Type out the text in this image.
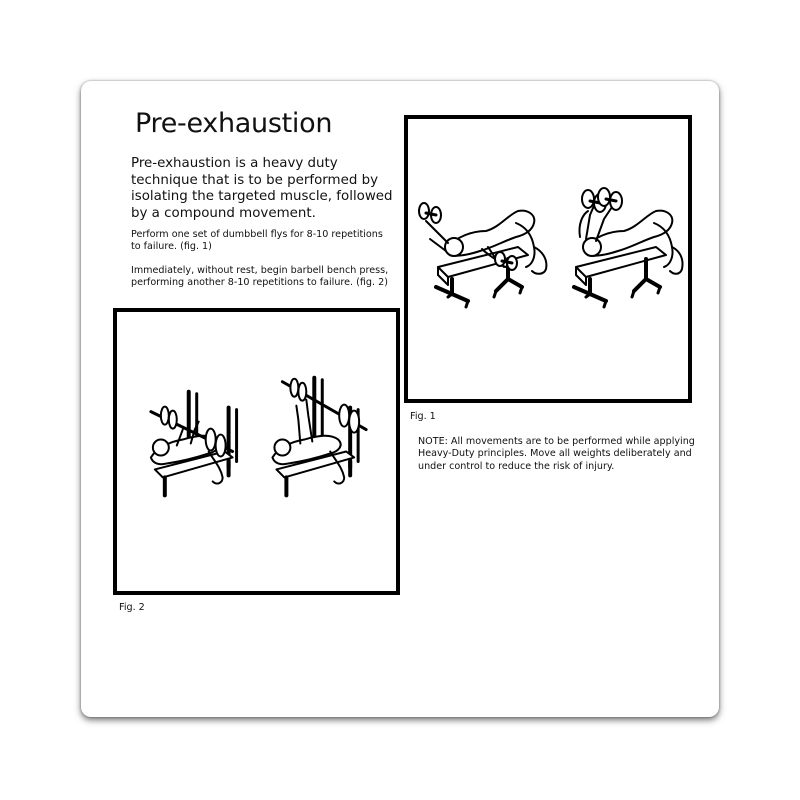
Pre-exhaustion
Pre-exhaustion is a heavy duty technique that is to be performed by isolating the targeted muscle, followed by a compound movement.
Perform one set of dumbbell flys for 8-10 repetitions to failure. (fig. 1)
Immediately, without rest, begin barbell bench press, performing another 8-10 repetitions to failure. (fig. 2)
Fig. 1
NOTE: All movements are to be performed while applying Heavy-Duty principles. Move all weights deliberately and under control to reduce the risk of injury.
Fig. 2
